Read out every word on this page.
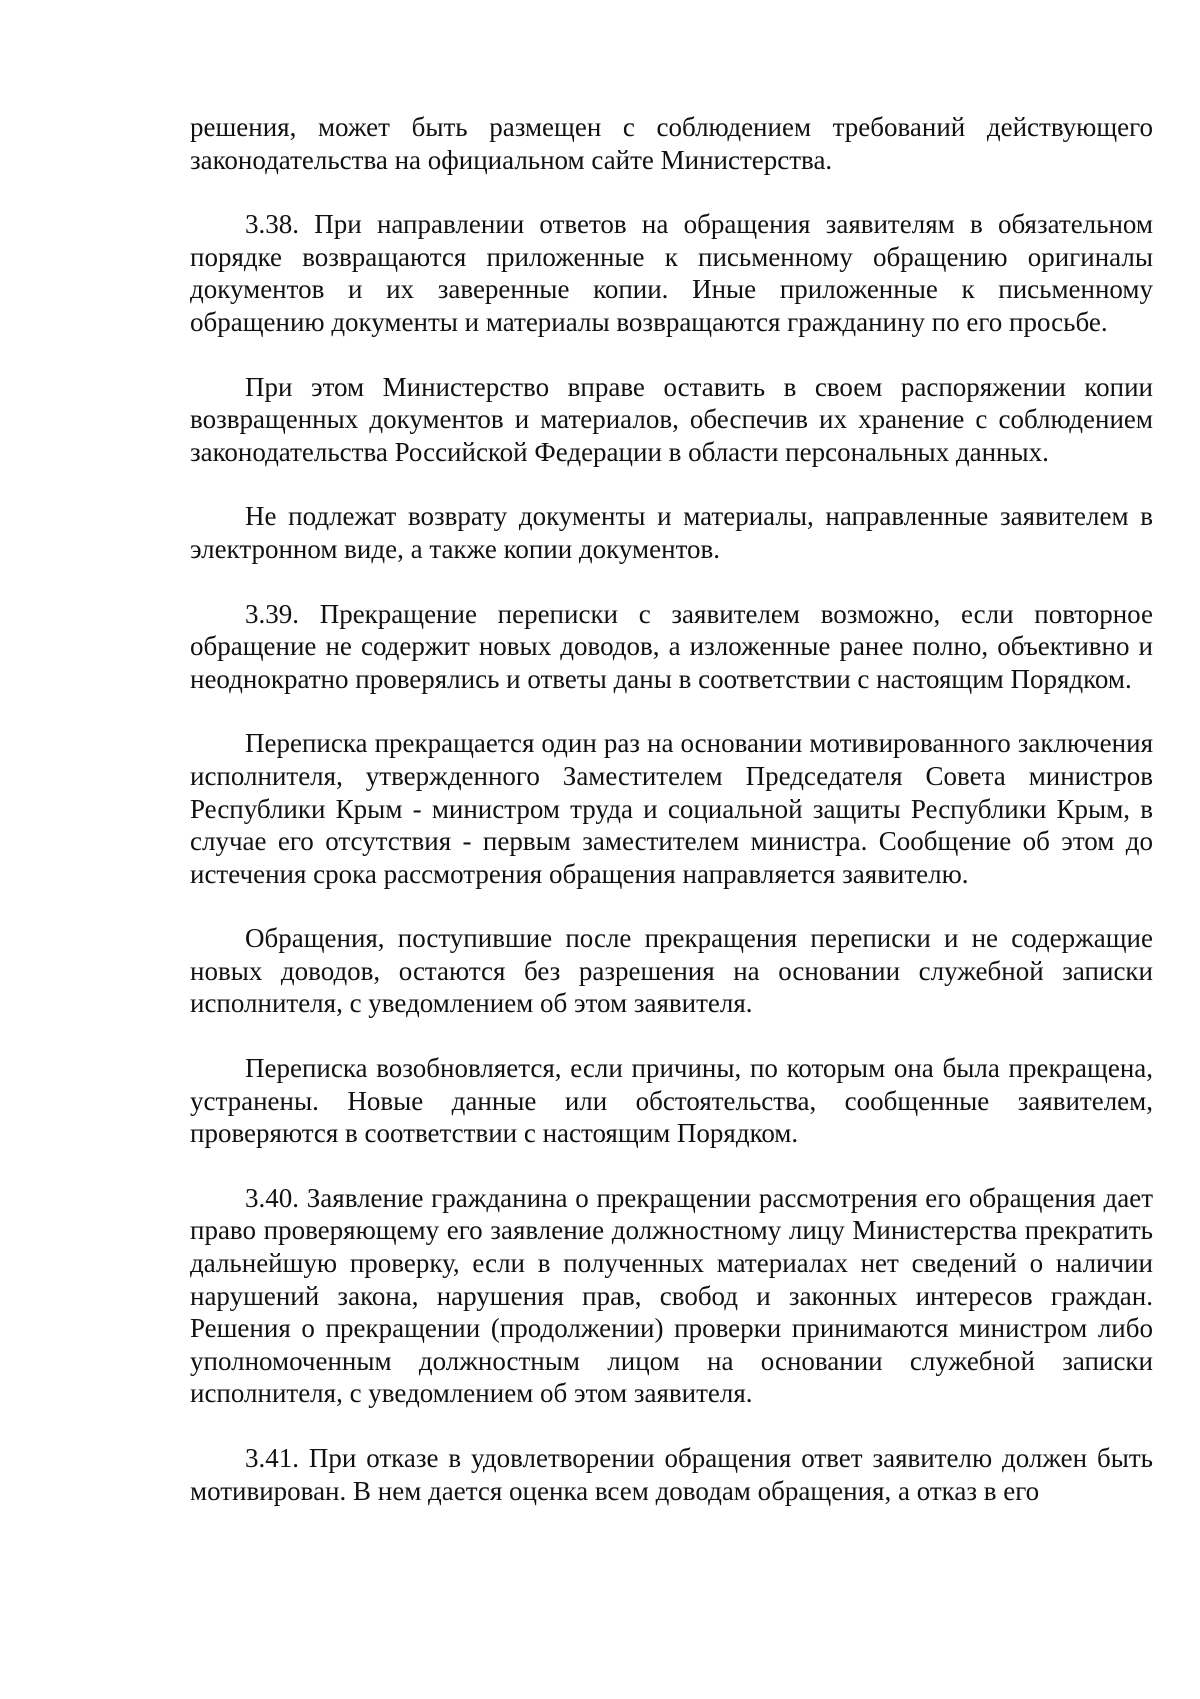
решения, может быть размещен с соблюдением требований действующего законодательства на официальном сайте Министерства.

3.38. При направлении ответов на обращения заявителям в обязательном порядке возвращаются приложенные к письменному обращению оригиналы документов и их заверенные копии. Иные приложенные к письменному обращению документы и материалы возвращаются гражданину по его просьбе.

При этом Министерство вправе оставить в своем распоряжении копии возвращенных документов и материалов, обеспечив их хранение с соблюдением законодательства Российской Федерации в области персональных данных.

Не подлежат возврату документы и материалы, направленные заявителем в электронном виде, а также копии документов.

3.39. Прекращение переписки с заявителем возможно, если повторное обращение не содержит новых доводов, а изложенные ранее полно, объективно и неоднократно проверялись и ответы даны в соответствии с настоящим Порядком.

Переписка прекращается один раз на основании мотивированного заключения исполнителя, утвержденного Заместителем Председателя Совета министров Республики Крым - министром труда и социальной защиты Республики Крым, в случае его отсутствия - первым заместителем министра. Сообщение об этом до истечения срока рассмотрения обращения направляется заявителю.

Обращения, поступившие после прекращения переписки и не содержащие новых доводов, остаются без разрешения на основании служебной записки исполнителя, с уведомлением об этом заявителя.

Переписка возобновляется, если причины, по которым она была прекращена, устранены. Новые данные или обстоятельства, сообщенные заявителем, проверяются в соответствии с настоящим Порядком.

3.40. Заявление гражданина о прекращении рассмотрения его обращения дает право проверяющему его заявление должностному лицу Министерства прекратить дальнейшую проверку, если в полученных материалах нет сведений о наличии нарушений закона, нарушения прав, свобод и законных интересов граждан. Решения о прекращении (продолжении) проверки принимаются министром либо уполномоченным должностным лицом на основании служебной записки исполнителя, с уведомлением об этом заявителя.

3.41. При отказе в удовлетворении обращения ответ заявителю должен быть мотивирован. В нем дается оценка всем доводам обращения, а отказ в его
